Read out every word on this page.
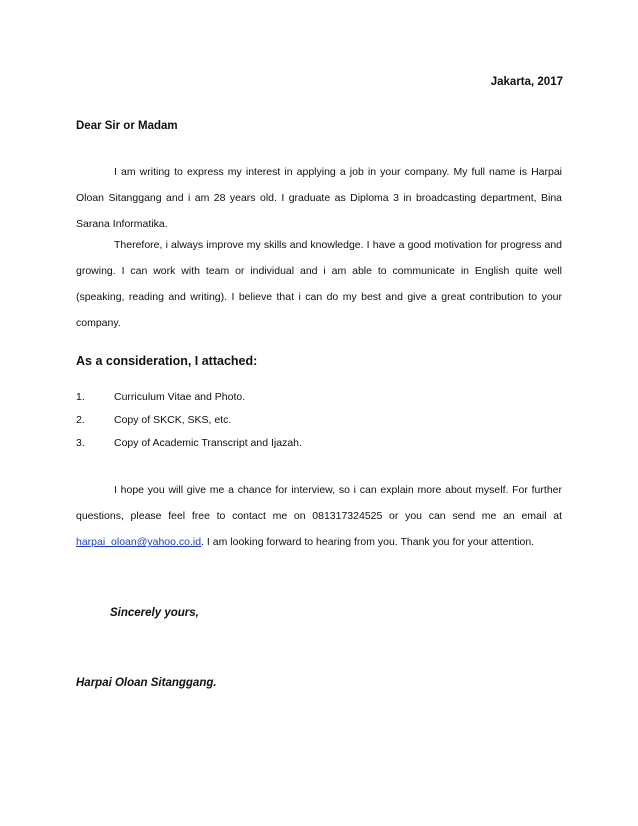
Jakarta, 2017
Dear Sir or Madam

I am writing to express my interest in applying a job in your company. My full name is Harpai Oloan Sitanggang and i am 28 years old. I graduate as Diploma 3 in broadcasting department, Bina Sarana Informatika.

Therefore, i always improve my skills and knowledge. I have a good motivation for progress and growing. I can work with team or individual and i am able to communicate in English quite well (speaking, reading and writing). I believe that i can do my best and give a great contribution to your company.

As a consideration, I attached:
1.	Curriculum Vitae and Photo.
2.	Copy of SKCK, SKS, etc.
3.	Copy of Academic Transcript and Ijazah.

I hope you will give me a chance for interview, so i can explain more about myself. For further questions, please feel free to contact me on 081317324525 or you can send me an email at harpai_oloan@yahoo.co.id. I am looking forward to hearing from you. Thank you for your attention.

Sincerely yours,
Harpai Oloan Sitanggang.
